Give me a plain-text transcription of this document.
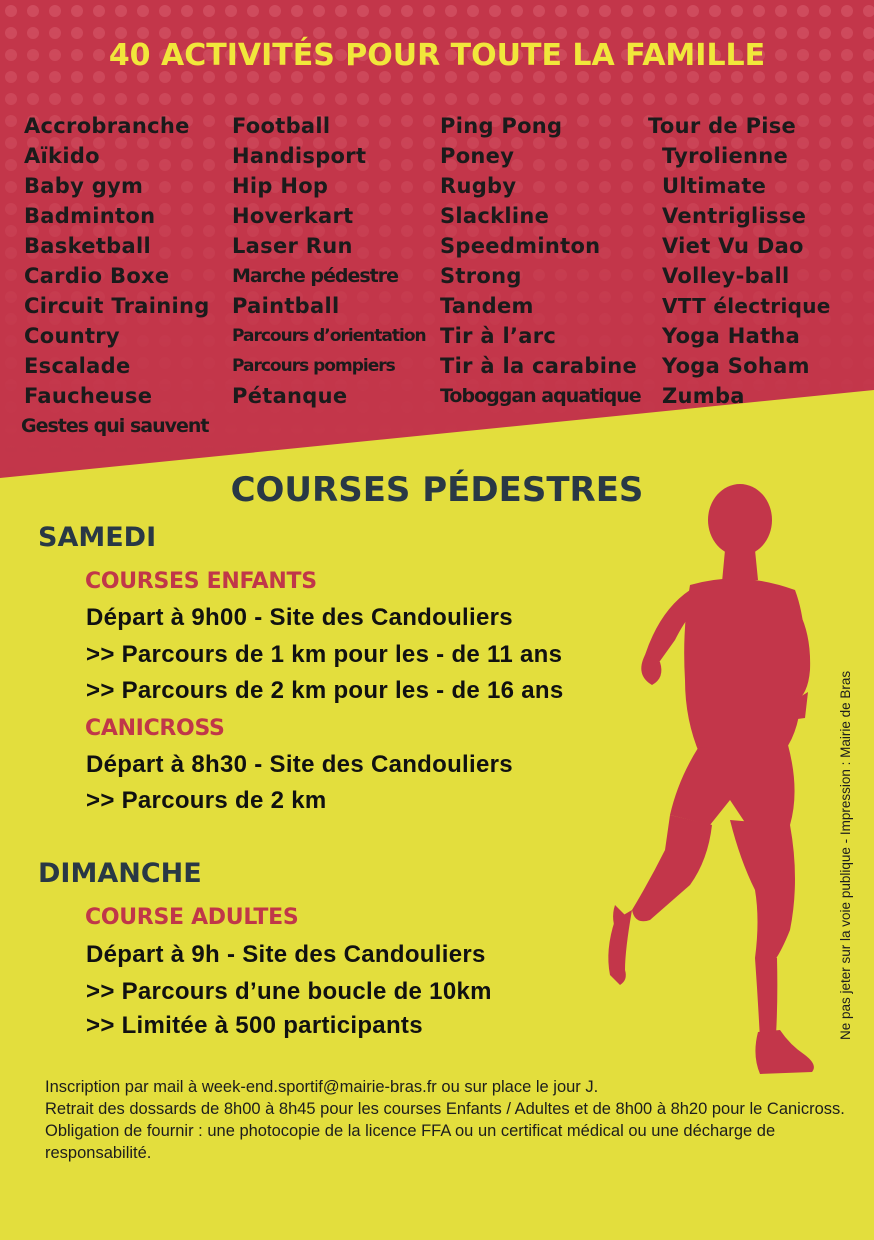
40 ACTIVITÉS POUR TOUTE LA FAMILLE
Accrobranche
Aïkido
Baby gym
Badminton
Basketball
Cardio Boxe
Circuit Training
Country
Escalade
Faucheuse
Gestes qui sauvent
Football
Handisport
Hip Hop
Hoverkart
Laser Run
Marche pédestre
Paintball
Parcours d’orientation
Parcours pompiers
Pétanque
Ping Pong
Poney
Rugby
Slackline
Speedminton
Strong
Tandem
Tir à l’arc
Tir à la carabine
Toboggan aquatique
Tour de Pise
Tyrolienne
Ultimate
Ventriglisse
Viet Vu Dao
Volley-ball
VTT électrique
Yoga Hatha
Yoga Soham
Zumba
COURSES PÉDESTRES
SAMEDI
COURSES ENFANTS

Départ à 9h00 - Site des Candouliers

>> Parcours de 1 km pour les - de 11 ans

>> Parcours de 2 km pour les - de 16 ans

CANICROSS

Départ à 8h30 - Site des Candouliers

>> Parcours de 2 km

DIMANCHE
COURSE ADULTES

Départ à 9h - Site des Candouliers

>> Parcours d’une boucle de 10km

>> Limitée à 500 participants

Inscription par mail à week-end.sportif@mairie-bras.fr ou sur place le jour J.

Retrait des dossards de 8h00 à 8h45 pour les courses Enfants / Adultes et de 8h00 à 8h20 pour le Canicross.

Obligation de fournir : une photocopie de la licence FFA ou un certificat médical ou une décharge de responsabilité.

Ne pas jeter sur la voie publique - Impression : Mairie de Bras
